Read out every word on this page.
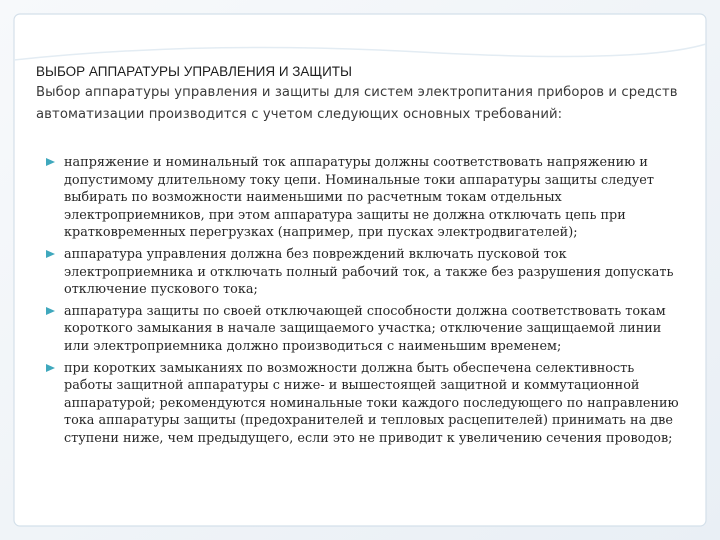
ВЫБОР АППАРАТУРЫ УПРАВЛЕНИЯ И ЗАЩИТЫ

Выбор аппаратуры управления и защиты для систем электропитания приборов и средств автоматизации производится с учетом следующих основных требований:

напряжение и номинальный ток аппаратуры должны соответствовать напряжению и допустимому длительному току цепи. Номинальные токи аппаратуры защиты следует выбирать по возможности наименьшими по расчетным токам отдельных электроприемников, при этом аппаратура защиты не должна отключать цепь при кратковременных перегрузках (например, при пусках электродвигателей);
аппаратура управления должна без повреждений включать пусковой ток электроприемника и отключать полный рабочий ток, а также без разрушения допускать отключение пускового тока;
аппаратура защиты по своей отключающей способности должна соответствовать токам короткого замыкания в начале защищаемого участка; отключение защищаемой линии или электроприемника должно производиться с наименьшим временем;
при коротких замыканиях по возможности должна быть обеспечена селективность работы защитной аппаратуры с ниже- и вышестоящей защитной и коммутационной аппаратурой; рекомендуются номинальные токи каждого последующего по направлению тока аппаратуры защиты (предохранителей и тепловых расцепителей) принимать на две ступени ниже, чем предыдущего, если это не приводит к увеличению сечения проводов;
